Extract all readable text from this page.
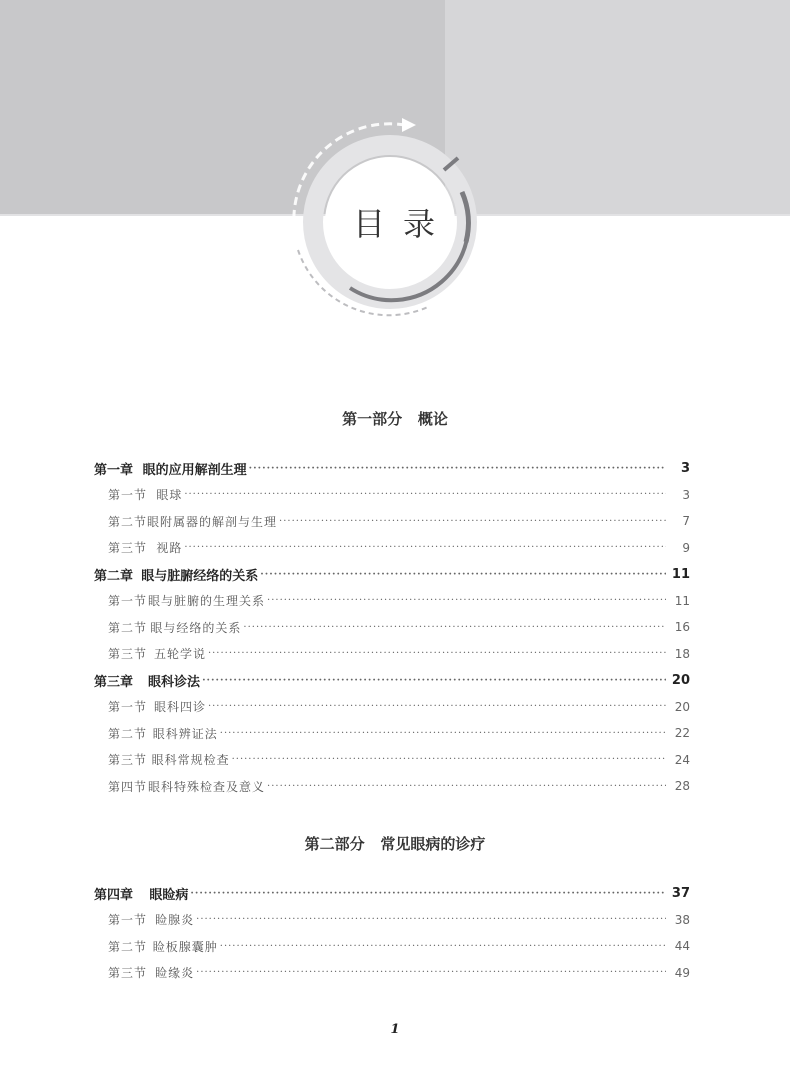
目 录
第一部分 概论
第一章 眼的应用解剖生理 ·····	3
第一节 眼球 ·····	3
第二节 眼附属器的解剖与生理 ·····	7
第三节 视路 ·····	9
第二章 眼与脏腑经络的关系 ·····	11
第一节 眼与脏腑的生理关系 ·····	11
第二节 眼与经络的关系 ·····	16
第三节 五轮学说 ·····	18
第三章	眼科诊法 ·····	20
第一节 眼科四诊 ·····	20
第二节 眼科辨证法 ·····	22
第三节 眼科常规检查 ·····	24
第四节 眼科特殊检查及意义 ·····	28
第二部分 常见眼病的诊疗
第四章	眼睑病 ·····	37
第一节 睑腺炎 ·····	38
第二节 睑板腺囊肿 ·····	44
第三节 睑缘炎 ·····	49
1
